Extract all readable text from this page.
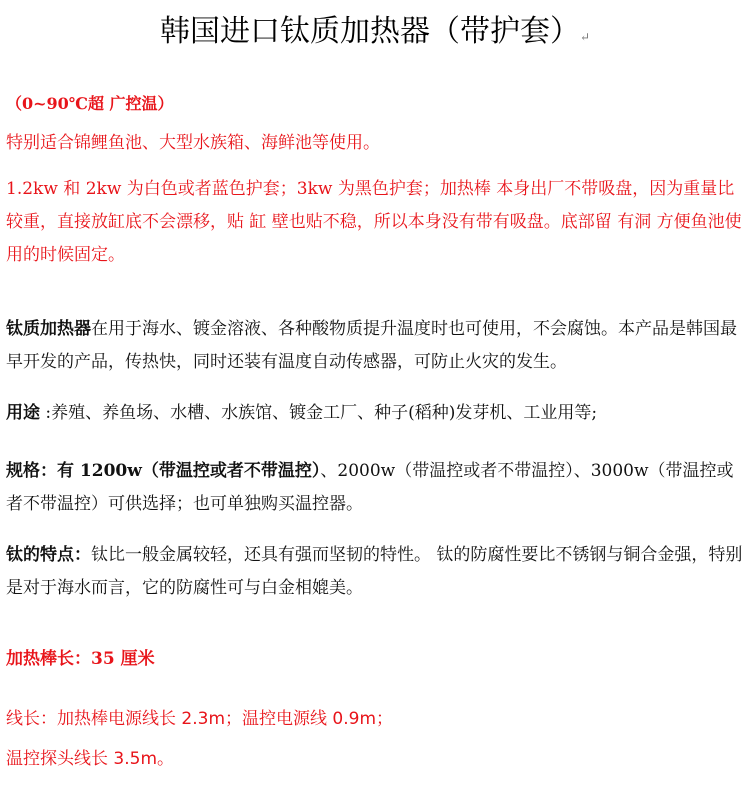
韩国进口钛质加热器（带护套）↵

（0~90℃超 广控温）

特别适合锦鲤鱼池、大型水族箱、海鲜池等使用。

1.2kw 和 2kw 为白色或者蓝色护套；3kw 为黑色护套；加热棒 本身出厂不带吸盘，因为重量比较重，直接放缸底不会漂移，贴 缸 壁也贴不稳，所以本身没有带有吸盘。底部留 有洞 方便鱼池使用的时候固定。

钛质加热器在用于海水、镀金溶液、各种酸物质提升温度时也可使用，不会腐蚀。本产品是韩国最早开发的产品，传热快，同时还装有温度自动传感器，可防止火灾的发生。

用途 :养殖、养鱼场、水槽、水族馆、镀金工厂、种子(稻种)发芽机、工业用等;

规格：有 1200w（带温控或者不带温控）、2000w（带温控或者不带温控）、3000w（带温控或者不带温控）可供选择；也可单独购买温控器。

钛的特点：钛比一般金属较轻，还具有强而坚韧的特性。 钛的防腐性要比不锈钢与铜合金强，特别是对于海水而言，它的防腐性可与白金相媲美。

加热棒长：35 厘米

线长：加热棒电源线长 2.3m；温控电源线 0.9m；

温控探头线长 3.5m。
